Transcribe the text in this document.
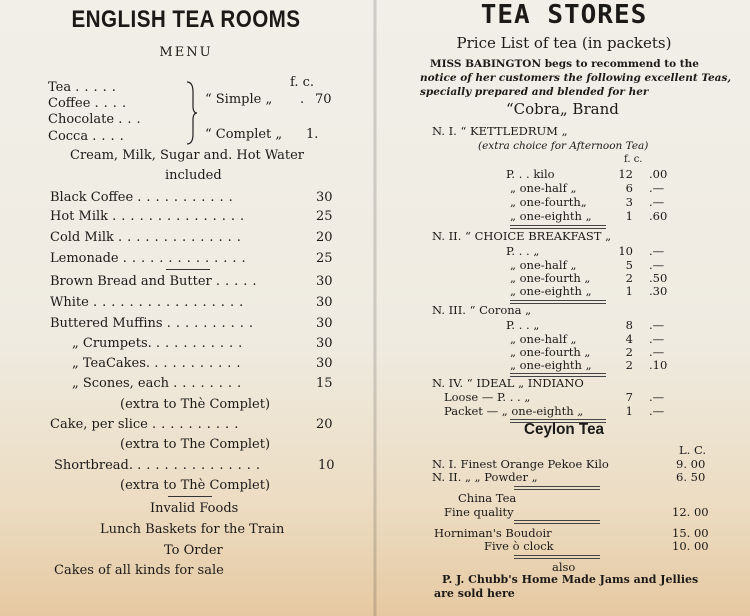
ENGLISH TEA ROOMS
MENU
f. c.
Tea .....
Coffee ....
Chocolate ...
Cocca ....
“ Simple „ . 70
“ Complet „ 1.
Cream, Milk, Sugar and. Hot Water
included
Black Coffee ...........	30
Hot Milk ...............	25
Cold Milk ..............	20
Lemonade ..............	25
Brown Bread and Butter .....	30
White .................	30
Buttered Muffins ..........	30
„ Crumpets. ..........	30
„ TeaCakes. ..........	30
„ Scones, each ........	15
(extra to Thè Complet)
Cake, per slice ..........	20
(extra to The Complet)
Shortbread. ..............	10
(extra to Thè Complet)
Invalid Foods
Lunch Baskets for the Train
To Order
Cakes of all kinds for sale
TEA STORES
Price List of tea (in packets)
MISS BABINGTON begs to recommend to the
notice of her customers the following excellent Teas,
specially prepared and blended for her
“Cobra„ Brand
N. I. “ KETTLEDRUM „
(extra choice for Afternoon Tea)
f. c.
P. . . kilo	12 .00
„ one-half „	6 .—
„ one-fourth„	3 .—
„ one-eighth „	1 .60
N. II. “ CHOICE BREAKFAST „
P. . . „	10 .—
„ one-half „	5 .—
„ one-fourth „	2 .50
„ one-eighth „	1 .30
N. III. “ Corona „
P. . . „	8 .—
„ one-half „	4 .—
„ one-fourth „	2 .—
„ one-eighth „	2 .10
N. IV. “ IDEAL „ INDIANO
Loose — P. . . „	7 .—
Packet — „ one-eighth „	1 .—
Ceylon Tea
L. C.
N. I. Finest Orange Pekoe Kilo	9. 00
N. II. „ „ Powder „	6. 50
China Tea
Fine quality	12. 00
Horniman's Boudoir	15. 00
Five ò clock	10. 00
also
P. J. Chubb's Home Made Jams and Jellies
are sold here
